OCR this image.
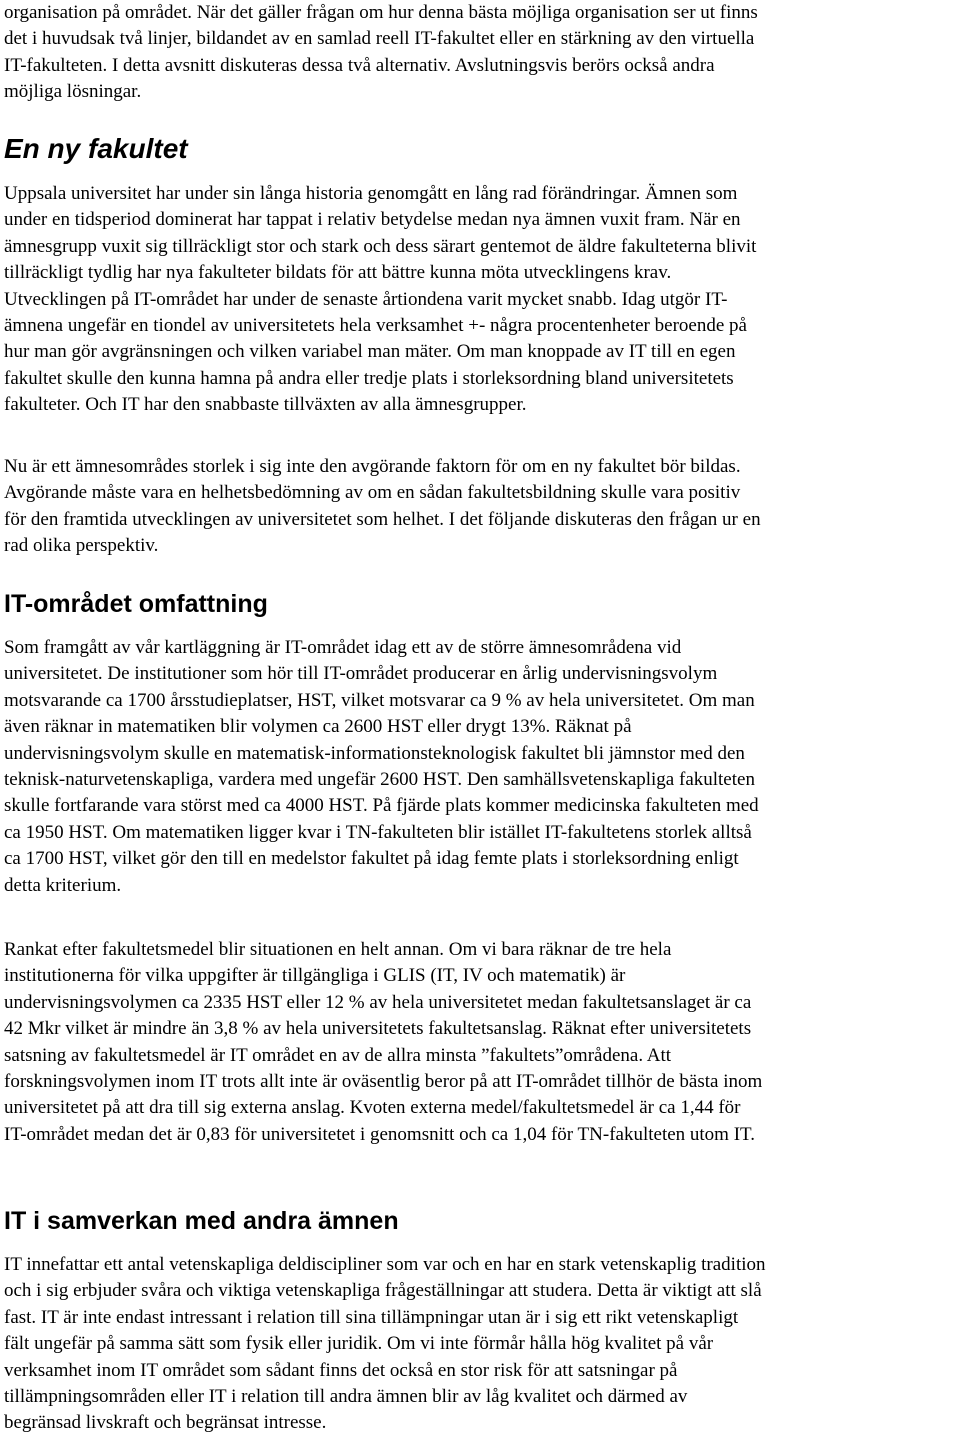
organisation på området. När det gäller frågan om hur denna bästa möjliga organisation ser ut finns
det i huvudsak två linjer, bildandet av en samlad reell IT-fakultet eller en stärkning av den virtuella
IT-fakulteten. I detta avsnitt diskuteras dessa två alternativ. Avslutningsvis berörs också andra
möjliga lösningar.
En ny fakultet
Uppsala universitet har under sin långa historia genomgått en lång rad förändringar. Ämnen som
under en tidsperiod dominerat har tappat i relativ betydelse medan nya ämnen vuxit fram. När en
ämnesgrupp vuxit sig tillräckligt stor och stark och dess särart gentemot de äldre fakulteterna blivit
tillräckligt tydlig har nya fakulteter bildats för att bättre kunna möta utvecklingens krav.
Utvecklingen på IT-området har under de senaste årtiondena varit mycket snabb. Idag utgör IT-
ämnena ungefär en tiondel av universitetets hela verksamhet +- några procentenheter beroende på
hur man gör avgränsningen och vilken variabel man mäter. Om man knoppade av IT till en egen
fakultet skulle den kunna hamna på andra eller tredje plats i storleksordning bland universitetets
fakulteter. Och IT har den snabbaste tillväxten av alla ämnesgrupper.
Nu är ett ämnesområdes storlek i sig inte den avgörande faktorn för om en ny fakultet bör bildas.
Avgörande måste vara en helhetsbedömning av om en sådan fakultetsbildning skulle vara positiv
för den framtida utvecklingen av universitetet som helhet. I det följande diskuteras den frågan ur en
rad olika perspektiv.
IT-området omfattning
Som framgått av vår kartläggning är IT-området idag ett av de större ämnesområdena vid
universitetet. De institutioner som hör till IT-området producerar en årlig undervisningsvolym
motsvarande ca 1700 årsstudieplatser, HST, vilket motsvarar ca 9 % av hela universitetet. Om man
även räknar in matematiken blir volymen ca 2600 HST eller drygt 13%. Räknat på
undervisningsvolym skulle en matematisk-informationsteknologisk fakultet bli jämnstor med den
teknisk-naturvetenskapliga, vardera med ungefär 2600 HST. Den samhällsvetenskapliga fakulteten
skulle fortfarande vara störst med ca 4000 HST. På fjärde plats kommer medicinska fakulteten med
ca 1950 HST. Om matematiken ligger kvar i TN-fakulteten blir istället IT-fakultetens storlek alltså
ca 1700 HST, vilket gör den till en medelstor fakultet på idag femte plats i storleksordning enligt
detta kriterium.
Rankat efter fakultetsmedel blir situationen en helt annan. Om vi bara räknar de tre hela
institutionerna för vilka uppgifter är tillgängliga i GLIS (IT, IV och matematik) är
undervisningsvolymen ca 2335 HST eller 12 % av hela universitetet medan fakultetsanslaget är ca
42 Mkr vilket är mindre än 3,8 % av hela universitetets fakultetsanslag. Räknat efter universitetets
satsning av fakultetsmedel är IT området en av de allra minsta ”fakultets”områdena. Att
forskningsvolymen inom IT trots allt inte är oväsentlig beror på att IT-området tillhör de bästa inom
universitetet på att dra till sig externa anslag. Kvoten externa medel/fakultetsmedel är ca 1,44 för
IT-området medan det är 0,83 för universitetet i genomsnitt och ca 1,04 för TN-fakulteten utom IT.
IT i samverkan med andra ämnen
IT innefattar ett antal vetenskapliga deldiscipliner som var och en har en stark vetenskaplig tradition
och i sig erbjuder svåra och viktiga vetenskapliga frågeställningar att studera. Detta är viktigt att slå
fast. IT är inte endast intressant i relation till sina tillämpningar utan är i sig ett rikt vetenskapligt
fält ungefär på samma sätt som fysik eller juridik. Om vi inte förmår hålla hög kvalitet på vår
verksamhet inom IT området som sådant finns det också en stor risk för att satsningar på
tillämpningsområden eller IT i relation till andra ämnen blir av låg kvalitet och därmed av
begränsad livskraft och begränsat intresse.
